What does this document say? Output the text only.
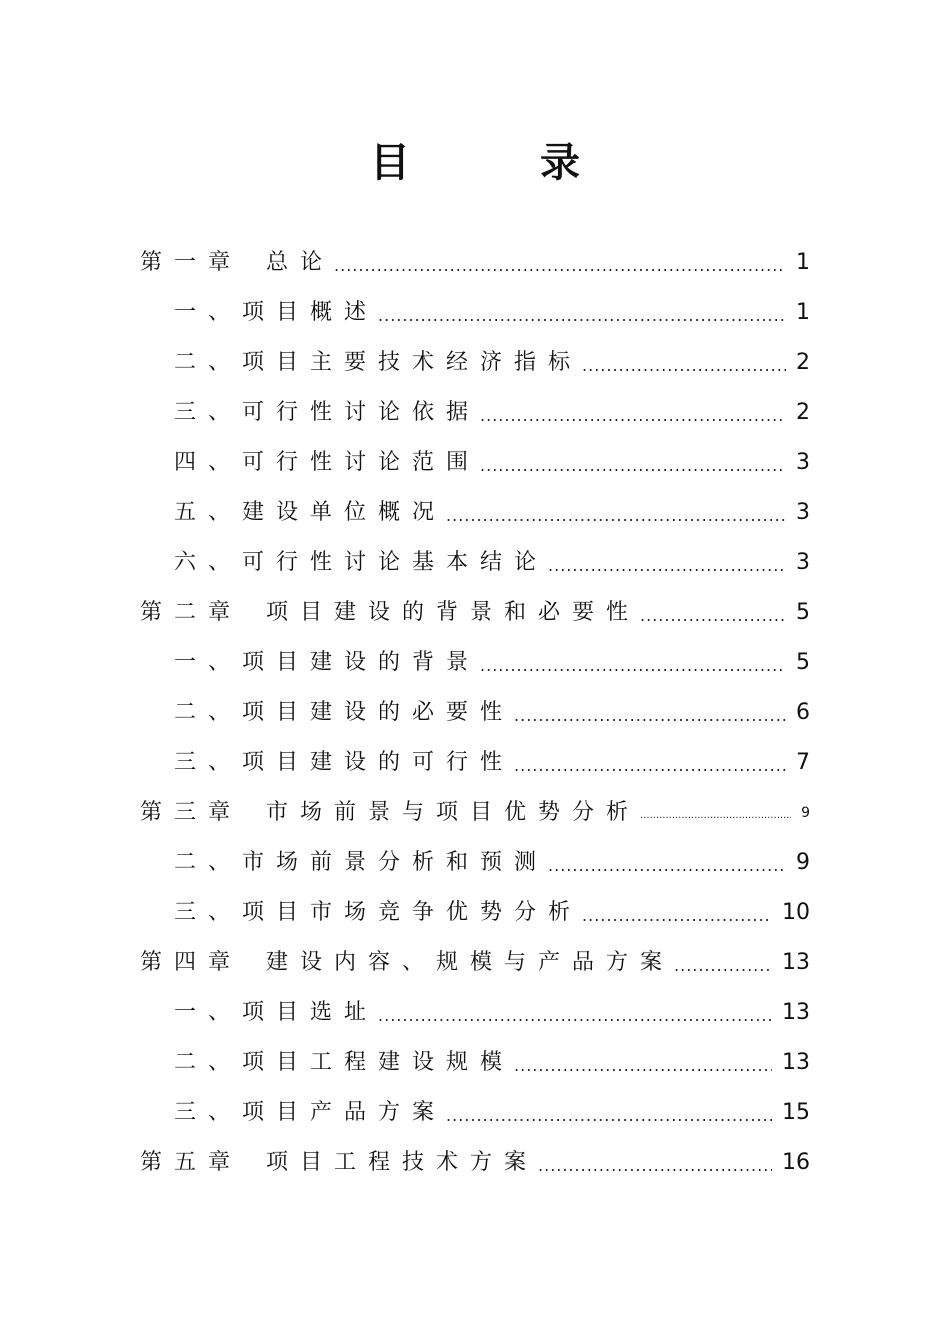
目 录
第一章 总论 .....	1
一、项目概述 .....	1
二、项目主要技术经济指标 .....	2
三、可行性讨论依据 .....	2
四、可行性讨论范围 .....	3
五、建设单位概况 .....	3
六、可行性讨论基本结论 .....	3
第二章 项目建设的背景和必要性 .....	5
一、项目建设的背景 .....	5
二、项目建设的必要性 .....	6
三、项目建设的可行性 .....	7
第三章 市场前景与项目优势分析 .....	9
二、市场前景分析和预测 .....	9
三、项目市场竞争优势分析 .....	10
第四章 建设内容、规模与产品方案 .....	13
一、项目选址 .....	13
二、项目工程建设规模 .....	13
三、项目产品方案 .....	15
第五章 项目工程技术方案 .....	16
